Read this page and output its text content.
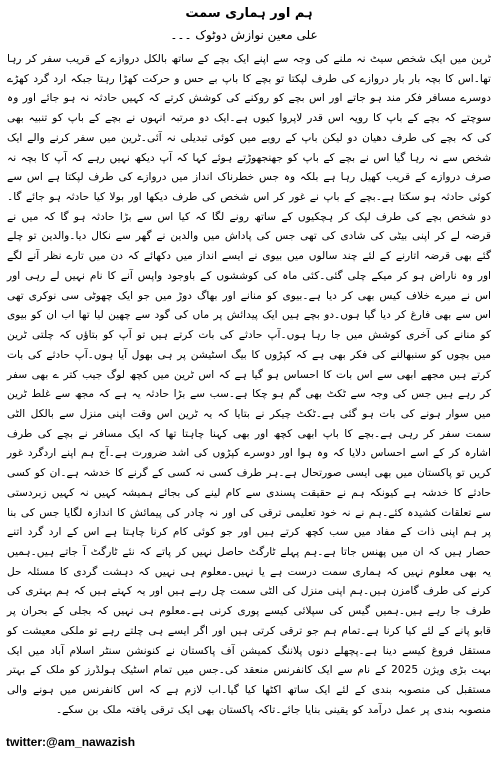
ہم اور ہماری سمت
علی معین نوازش دوٹوک ۔۔۔

ٹرین میں ایک شخص سیٹ نہ ملنے کی وجہ سے اپنے ایک بچے کے ساتھ بالکل دروازے کے قریب سفر کر رہا تھا۔اس کا بچہ بار بار دروازے کی طرف لپکتا تو بچے کا باپ بے حس و حرکت کھڑا رہتا جبکہ ارد گرد کھڑے دوسرے مسافر فکر مند ہو جاتے اور اس بچے کو روکنے کی کوشش کرتے کہ کہیں حادثہ نہ ہو جائے اور وہ سوچتے کہ بچے کے باپ کا رویہ اس قدر لاپروا کیوں ہے۔ایک دو مرتبہ انہوں نے بچے کے باپ کو تنبیہ بھی کی کہ بچے کی طرف دھیان دو لیکن باپ کے رویے میں کوئی تبدیلی نہ آئی۔ٹرین میں سفر کرنے والے ایک شخص سے نہ رہا گیا اس نے بچے کے باپ کو جھنجھوڑتے ہوئے کہا کہ آپ دیکھ نہیں رہے کہ آپ کا بچہ نہ صرف دروازے کے قریب کھیل رہا ہے بلکہ وہ جس خطرناک انداز میں دروازے کی طرف لپکتا ہے اس سے کوئی حادثہ ہو سکتا ہے۔بچے کے باپ نے غور کر اس شخص کی طرف دیکھا اور بولا کیا حادثہ ہو جائے گا۔دو شخص بچے کی طرف لپک کر ہچکیوں کے ساتھ رونے لگا کہ کیا اس سے بڑا حادثہ ہو گا کہ میں نے قرضہ لے کر اپنی بیٹی کی شادی کی تھی جس کی پاداش میں والدین نے گھر سے نکال دیا۔والدین تو چلے گئے بھی قرضہ اتارنے کے لئے چند سالوں میں بیوی نے ایسے انداز میں دکھائے کہ دن میں تارے نظر آنے لگے اور وہ ناراض ہو کر میکے چلی گئی۔کئی ماہ کی کوششوں کے باوجود واپس آنے کا نام نہیں لے رہی اور اس نے میرے خلاف کیس بھی کر دیا ہے۔بیوی کو منانے اور بھاگ دوڑ میں جو ایک چھوٹی سی نوکری تھی اس سے بھی فارغ کر دیا گیا ہوں۔دو بچے ہیں ایک پیدائش پر ماں کی گود سے چھین لیا تھا اب ان کو بیوی کو منانے کی آخری کوشش میں جا رہا ہوں۔آپ حادثے کی بات کرتے ہیں تو آپ کو بتاؤں کہ چلتی ٹرین میں بچوں کو سنبھالنے کی فکر بھی ہے کہ کپڑوں کا بیگ اسٹیشن پر ہی بھول آیا ہوں۔آپ حادثے کی بات کرتے ہیں مجھے ابھی سے اس بات کا احساس ہو گیا ہے کہ اس ٹرین میں کچھ لوگ جیب کتر ے بھی سفر کر رہے ہیں جس کی وجہ سے ٹکٹ بھی گم ہو چکا ہے۔سب سے بڑا حادثہ یہ ہے کہ مجھ سے غلط ٹرین میں سوار ہونے کی بات ہو گئی ہے۔ٹکٹ چیکر نے بتایا کہ یہ ٹرین اس وقت اپنی منزل سے بالکل الٹی سمت سفر کر رہی ہے۔بچے کا باپ ابھی کچھ اور بھی کہنا چاہتا تھا کہ ایک مسافر نے بچے کی طرف اشارہ کر کے اسے احساس دلایا کہ وہ ہوا اور دوسرے کپڑوں کی اشد ضرورت ہے۔آج ہم اپنے اردگرد غور کریں تو پاکستان میں بھی ایسی صورتحال ہے۔ہر طرف کسی نہ کسی کے گرنے کا خدشہ ہے۔ان کو کسی حادثے کا خدشہ ہے کیونکہ ہم نے حقیقت پسندی سے کام لینے کی بجائے ہمیشہ کہیں نہ کہیں زبردستی سے تعلقات کشیدہ کئے۔ہم نے نہ خود تعلیمی ترقی کی اور نہ چادر کی پیمائش کا اندازہ لگایا جس کی بنا پر ہم اپنی ذات کے مفاد میں سب کچھ کرتے ہیں اور جو کوئی کام کرنا چاہتا ہے اس کے ارد گرد اتنے حصار ہیں کہ ان میں پھنس جاتا ہے۔ہم پہلے ٹارگٹ حاصل نہیں کر پاتے کہ نئے ٹارگٹ آ جاتے ہیں۔ہمیں یہ بھی معلوم نہیں کہ ہماری سمت درست ہے یا نہیں۔معلوم ہی نہیں کہ دہشت گردی کا مسئلہ حل کرنے کی طرف گامزن ہیں۔ہم اپنی منزل کی الٹی سمت چل رہے ہیں اور یہ کہتے ہیں کہ ہم بہتری کی طرف جا رہے ہیں۔ہمیں گیس کی سپلائی کیسے پوری کرنی ہے۔معلوم ہی نہیں کہ بجلی کے بحران پر قابو پانے کے لئے کیا کرنا ہے۔تمام ہم جو ترقی کرتی ہیں اور اگر ایسے ہی چلتے رہے تو ملکی معیشت کو مستقل فروغ کیسے دینا ہے۔پچھلے دنوں پلاننگ کمیشن آف پاکستان نے کنونشن سنٹر اسلام آباد میں ایک بہت بڑی ویژن 2025 کے نام سے ایک کانفرنس منعقد کی۔جس میں تمام اسٹیک ہولڈرز کو ملک کے بہتر مستقبل کی منصوبہ بندی کے لئے ایک ساتھ اکٹھا کیا گیا۔اب لازم ہے کہ اس کانفرنس میں ہونے والی منصوبہ بندی پر عمل درآمد کو یقینی بنایا جائے۔تاکہ پاکستان بھی ایک ترقی یافتہ ملک بن سکے۔

twitter:@am_nawazish
